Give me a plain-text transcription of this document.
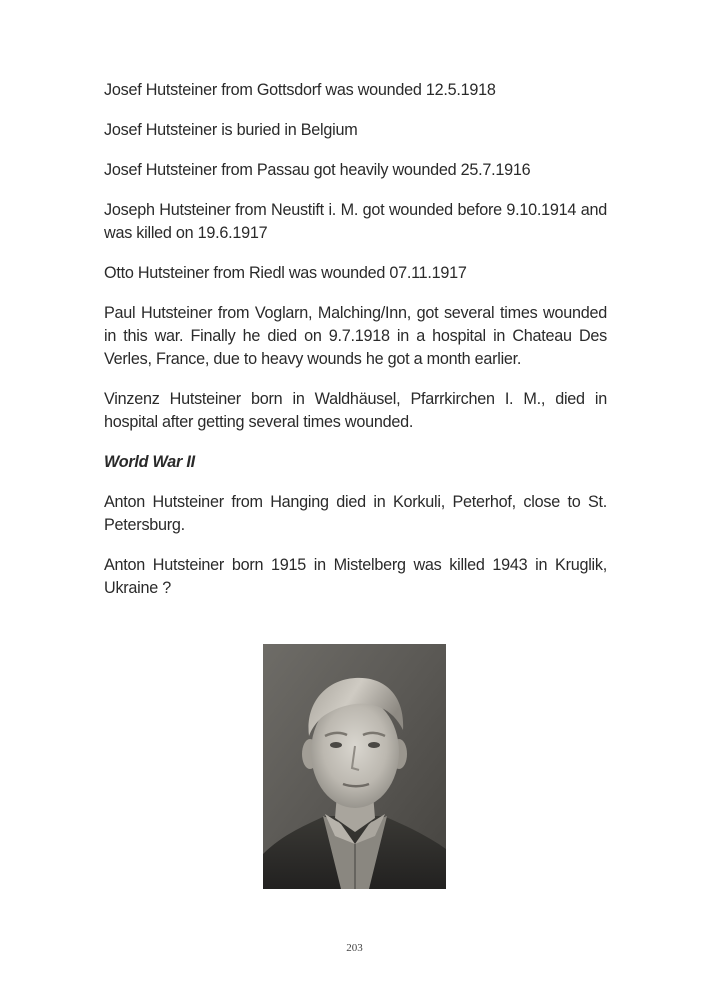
Josef Hutsteiner from Gottsdorf was wounded 12.5.1918

Josef Hutsteiner is buried in Belgium

Josef Hutsteiner from Passau got heavily wounded 25.7.1916

Joseph Hutsteiner from Neustift i. M. got wounded before 9.10.1914 and was killed on 19.6.1917

Otto Hutsteiner from Riedl was wounded 07.11.1917

Paul Hutsteiner from Voglarn, Malching/Inn, got several times wounded in this war. Finally he died on 9.7.1918 in a hospital in Chateau Des Verles, France, due to heavy wounds he got a month earlier.

Vinzenz Hutsteiner born in Waldhäusel, Pfarrkirchen I. M., died in hospital after getting several times wounded.

World War II

Anton Hutsteiner from Hanging died in Korkuli, Peterhof, close to St. Petersburg.

Anton Hutsteiner born 1915 in Mistelberg was killed 1943 in Kruglik, Ukraine ?

203
